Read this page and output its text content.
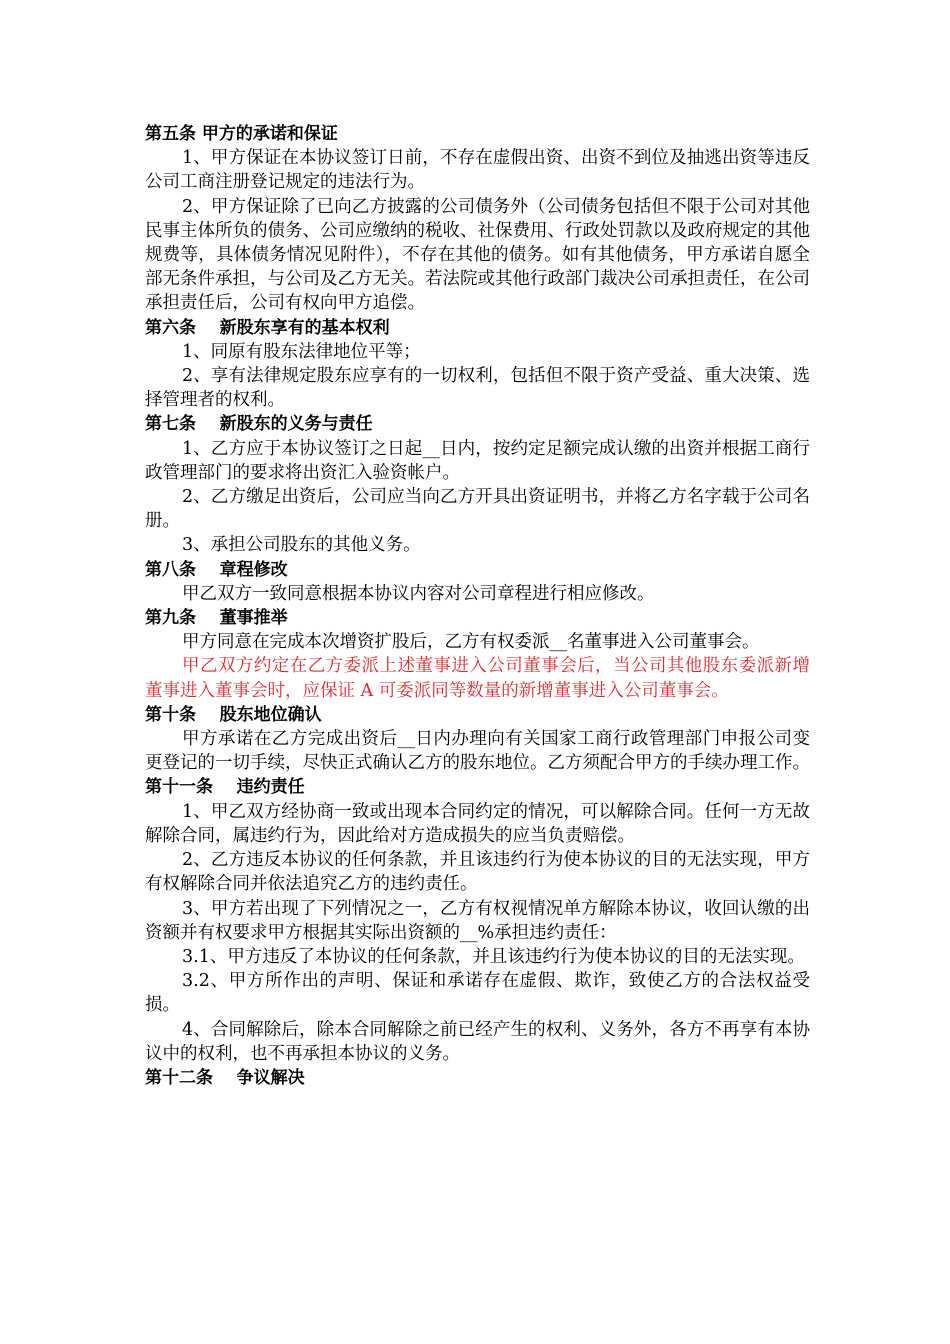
第五条 甲方的承诺和保证
1、甲方保证在本协议签订日前，不存在虚假出资、出资不到位及抽逃出资等违反公司工商注册登记规定的违法行为。
2、甲方保证除了已向乙方披露的公司债务外（公司债务包括但不限于公司对其他民事主体所负的债务、公司应缴纳的税收、社保费用、行政处罚款以及政府规定的其他规费等，具体债务情况见附件），不存在其他的债务。如有其他债务，甲方承诺自愿全部无条件承担，与公司及乙方无关。若法院或其他行政部门裁决公司承担责任，在公司承担责任后，公司有权向甲方追偿。
第六条    新股东享有的基本权利
1、同原有股东法律地位平等；
2、享有法律规定股东应享有的一切权利，包括但不限于资产受益、重大决策、选择管理者的权利。
第七条    新股东的义务与责任
1、乙方应于本协议签订之日起__日内，按约定足额完成认缴的出资并根据工商行政管理部门的要求将出资汇入验资帐户。
2、乙方缴足出资后，公司应当向乙方开具出资证明书，并将乙方名字载于公司名册。
3、承担公司股东的其他义务。
第八条    章程修改
甲乙双方一致同意根据本协议内容对公司章程进行相应修改。
第九条    董事推举
甲方同意在完成本次增资扩股后，乙方有权委派__名董事进入公司董事会。
甲乙双方约定在乙方委派上述董事进入公司董事会后，当公司其他股东委派新增董事进入董事会时，应保证 A 可委派同等数量的新增董事进入公司董事会。
第十条    股东地位确认
甲方承诺在乙方完成出资后__日内办理向有关国家工商行政管理部门申报公司变更登记的一切手续，尽快正式确认乙方的股东地位。乙方须配合甲方的手续办理工作。
第十一条    违约责任
1、甲乙双方经协商一致或出现本合同约定的情况，可以解除合同。任何一方无故解除合同，属违约行为，因此给对方造成损失的应当负责赔偿。
2、乙方违反本协议的任何条款，并且该违约行为使本协议的目的无法实现，甲方有权解除合同并依法追究乙方的违约责任。
3、甲方若出现了下列情况之一，乙方有权视情况单方解除本协议，收回认缴的出资额并有权要求甲方根据其实际出资额的__%承担违约责任：
3.1、甲方违反了本协议的任何条款，并且该违约行为使本协议的目的无法实现。
3.2、甲方所作出的声明、保证和承诺存在虚假、欺诈，致使乙方的合法权益受损。
4、合同解除后，除本合同解除之前已经产生的权利、义务外，各方不再享有本协议中的权利，也不再承担本协议的义务。
第十二条    争议解决
